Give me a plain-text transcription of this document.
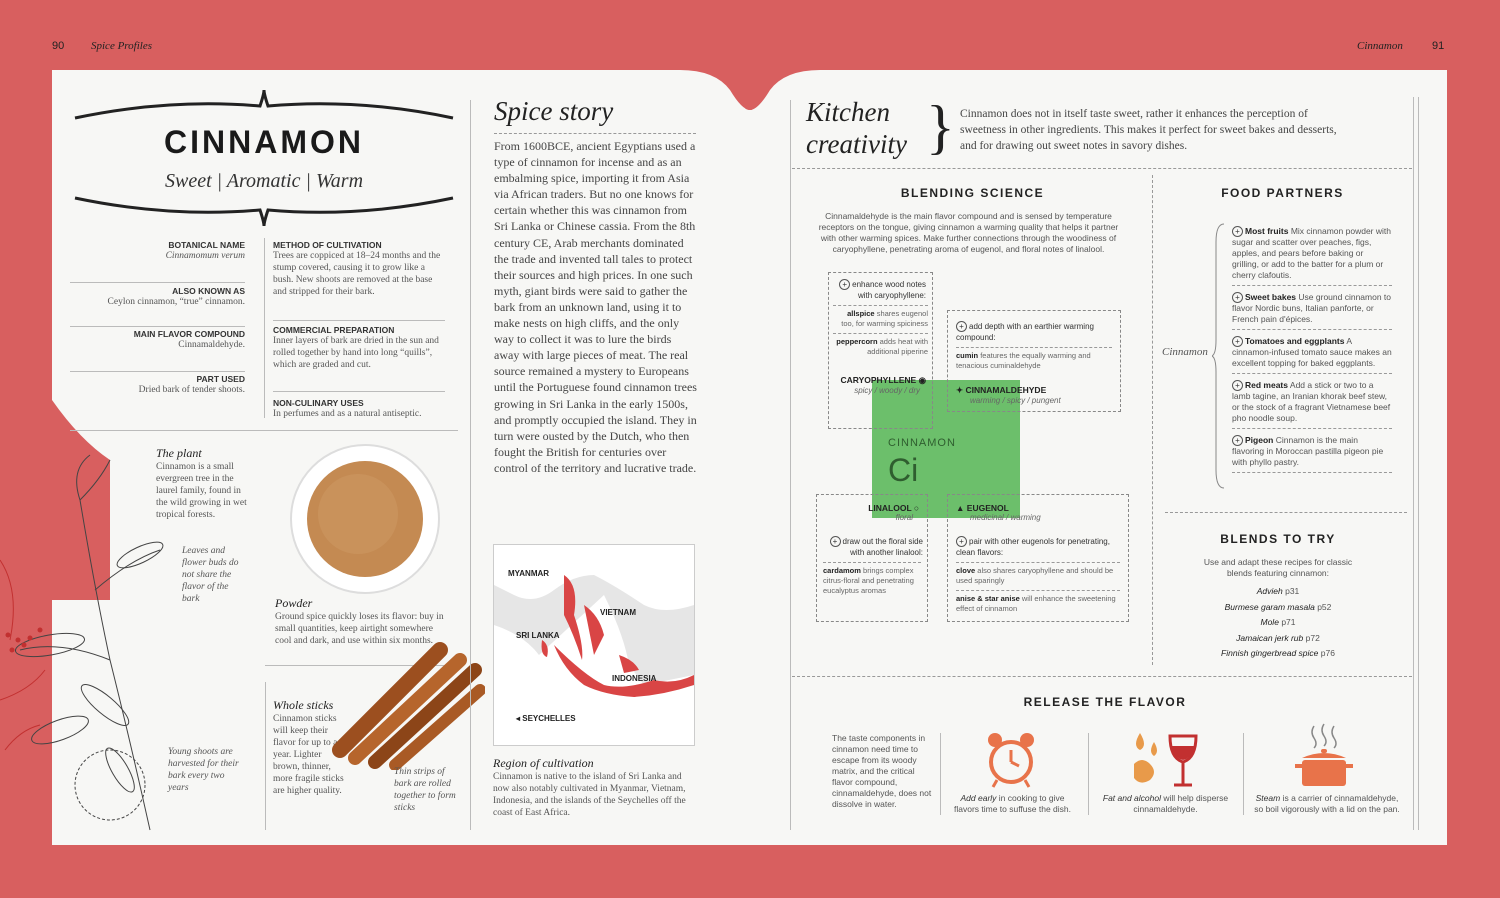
90 Spice Profiles	Cinnamon	91
CINNAMON
Sweet | Aromatic | Warm
BOTANICAL NAME
Cinnamomum verum
ALSO KNOWN AS
Ceylon cinnamon, “true” cinnamon.
MAIN FLAVOR COMPOUND
Cinnamaldehyde.
PART USED
Dried bark of tender shoots.
METHOD OF CULTIVATION
Trees are coppiced at 18–24 months and the stump covered, causing it to grow like a bush. New shoots are removed at the base and stripped for their bark.
COMMERCIAL PREPARATION
Inner layers of bark are dried in the sun and rolled together by hand into long “quills”, which are graded and cut.
NON-CULINARY USES
In perfumes and as a natural antiseptic.
The plant
Cinnamon is a small evergreen tree in the laurel family, found in the wild growing in wet tropical forests.
Leaves and flower buds do not share the flavor of the bark
Young shoots are harvested for their bark every two years
Powder
Ground spice quickly loses its flavor: buy in small quantities, keep airtight somewhere cool and dark, and use within six months.
Whole sticks
Cinnamon sticks will keep their flavor for up to a year. Lighter brown, thinner, more fragile sticks are higher quality.
Thin strips of bark are rolled together to form sticks
Spice story
From 1600BCE, ancient Egyptians used a type of cinnamon for incense and as an embalming spice, importing it from Asia via African traders. But no one knows for certain whether this was cinnamon from Sri Lanka or Chinese cassia. From the 8th century CE, Arab merchants dominated the trade and invented tall tales to protect their sources and high prices. In one such myth, giant birds were said to gather the bark from an unknown land, using it to make nests on high cliffs, and the only way to collect it was to lure the birds away with large pieces of meat. The real source remained a mystery to Europeans until the Portuguese found cinnamon trees growing in Sri Lanka in the early 1500s, and promptly occupied the island. They in turn were ousted by the Dutch, who then fought the British for centuries over control of the territory and lucrative trade.
MYANMAR
VIETNAM
SRI LANKA
INDONESIA
◂ SEYCHELLES
Region of cultivation
Cinnamon is native to the island of Sri Lanka and now also notably cultivated in Myanmar, Vietnam, Indonesia, and the islands of the Seychelles off the coast of East Africa.
Kitchen
creativity } Cinnamon does not in itself taste sweet, rather it enhances the perception of sweetness in other ingredients. This makes it perfect for sweet bakes and desserts, and for drawing out sweet notes in savory dishes.
BLENDING SCIENCE
Cinnamaldehyde is the main flavor compound and is sensed by temperature receptors on the tongue, giving cinnamon a warming quality that helps it partner with other warming spices. Make further connections through the woodiness of caryophyllene, penetrating aroma of eugenol, and floral notes of linalool.
CINNAMON
Ci
+ enhance wood notes with caryophyllene:
allspice shares eugenol too, for warming spiciness
peppercorn adds heat with additional piperine
CARYOPHYLLENE ◉
spicy / woody / dry
+ add depth with an earthier warming compound:
cumin features the equally warming and tenacious cuminaldehyde
✦ CINNAMALDEHYDE
warming / spicy / pungent
LINALOOL ○
floral
+ draw out the floral side with another linalool:
cardamom brings complex citrus-floral and penetrating eucalyptus aromas
▲ EUGENOL
medicinal / warming
+ pair with other eugenols for penetrating, clean flavors:
clove also shares caryophyllene and should be used sparingly
anise & star anise will enhance the sweetening effect of cinnamon
FOOD PARTNERS
Cinnamon
+ Most fruits Mix cinnamon powder with sugar and scatter over peaches, figs, apples, and pears before baking or grilling, or add to the batter for a plum or cherry clafoutis.
+ Sweet bakes Use ground cinnamon to flavor Nordic buns, Italian panforte, or French pain d'épices.
+ Tomatoes and eggplants A cinnamon-infused tomato sauce makes an excellent topping for baked eggplants.
+ Red meats Add a stick or two to a lamb tagine, an Iranian khorak beef stew, or the stock of a fragrant Vietnamese beef pho noodle soup.
+ Pigeon Cinnamon is the main flavoring in Moroccan pastilla pigeon pie with phyllo pastry.
BLENDS TO TRY
Use and adapt these recipes for classic blends featuring cinnamon:
Advieh p31
Burmese garam masala p52
Mole p71
Jamaican jerk rub p72
Finnish gingerbread spice p76
RELEASE THE FLAVOR
The taste components in cinnamon need time to escape from its woody matrix, and the critical flavor compound, cinnamaldehyde, does not dissolve in water.
Add early in cooking to give flavors time to suffuse the dish.
Fat and alcohol will help disperse cinnamaldehyde.
Steam is a carrier of cinnamaldehyde, so boil vigorously with a lid on the pan.
